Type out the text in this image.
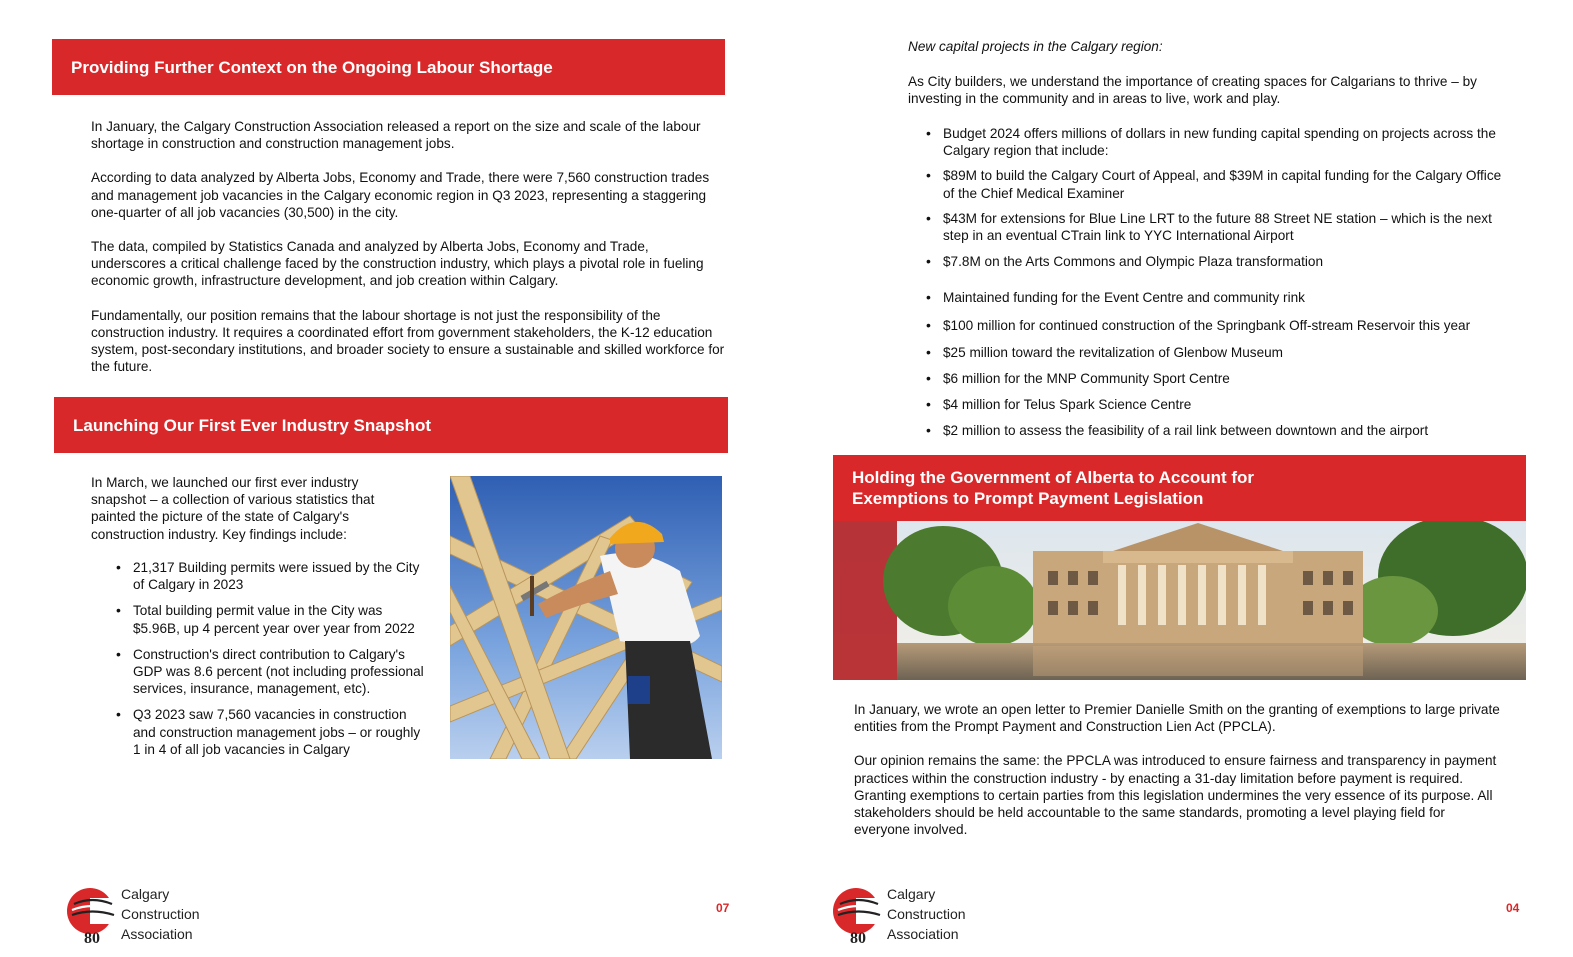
Providing Further Context on the Ongoing Labour Shortage

In January, the Calgary Construction Association released a report on the size and scale of the labour shortage in construction and construction management jobs.

According to data analyzed by Alberta Jobs, Economy and Trade, there were 7,560 construction trades and management job vacancies in the Calgary economic region in Q3 2023, representing a staggering one-quarter of all job vacancies (30,500) in the city.

The data, compiled by Statistics Canada and analyzed by Alberta Jobs, Economy and Trade, underscores a critical challenge faced by the construction industry, which plays a pivotal role in fueling economic growth, infrastructure development, and job creation within Calgary.

Fundamentally, our position remains that the labour shortage is not just the responsibility of the construction industry. It requires a coordinated effort from government stakeholders, the K-12 education system, post-secondary institutions, and broader society to ensure a sustainable and skilled workforce for the future.

Launching Our First Ever Industry Snapshot

In March, we launched our first ever industry snapshot – a collection of various statistics that painted the picture of the state of Calgary's construction industry. Key findings include:

• 21,317 Building permits were issued by the City of Calgary in 2023
• Total building permit value in the City was $5.96B, up 4 percent year over year from 2022
• Construction's direct contribution to Calgary's GDP was 8.6 percent (not including professional services, insurance, management, etc).
• Q3 2023 saw 7,560 vacancies in construction and construction management jobs – or roughly 1 in 4 of all job vacancies in Calgary
80
Calgary
Construction
Association
07
New capital projects in the Calgary region:

As City builders, we understand the importance of creating spaces for Calgarians to thrive – by investing in the community and in areas to live, work and play.

• Budget 2024 offers millions of dollars in new funding capital spending on projects across the Calgary region that include:
• $89M to build the Calgary Court of Appeal, and $39M in capital funding for the Calgary Office of the Chief Medical Examiner
• $43M for extensions for Blue Line LRT to the future 88 Street NE station – which is the next step in an eventual CTrain link to YYC International Airport
• $7.8M on the Arts Commons and Olympic Plaza transformation
• Maintained funding for the Event Centre and community rink
• $100 million for continued construction of the Springbank Off-stream Reservoir this year
• $25 million toward the revitalization of Glenbow Museum
• $6 million for the MNP Community Sport Centre
• $4 million for Telus Spark Science Centre
• $2 million to assess the feasibility of a rail link between downtown and the airport
Holding the Government of Alberta to Account for
Exemptions to Prompt Payment Legislation

In January, we wrote an open letter to Premier Danielle Smith on the granting of exemptions to large private entities from the Prompt Payment and Construction Lien Act (PPCLA).

Our opinion remains the same: the PPCLA was introduced to ensure fairness and transparency in payment practices within the construction industry - by enacting a 31-day limitation before payment is required. Granting exemptions to certain parties from this legislation undermines the very essence of its purpose. All stakeholders should be held accountable to the same standards, promoting a level playing field for everyone involved.

80
Calgary
Construction
Association
04
